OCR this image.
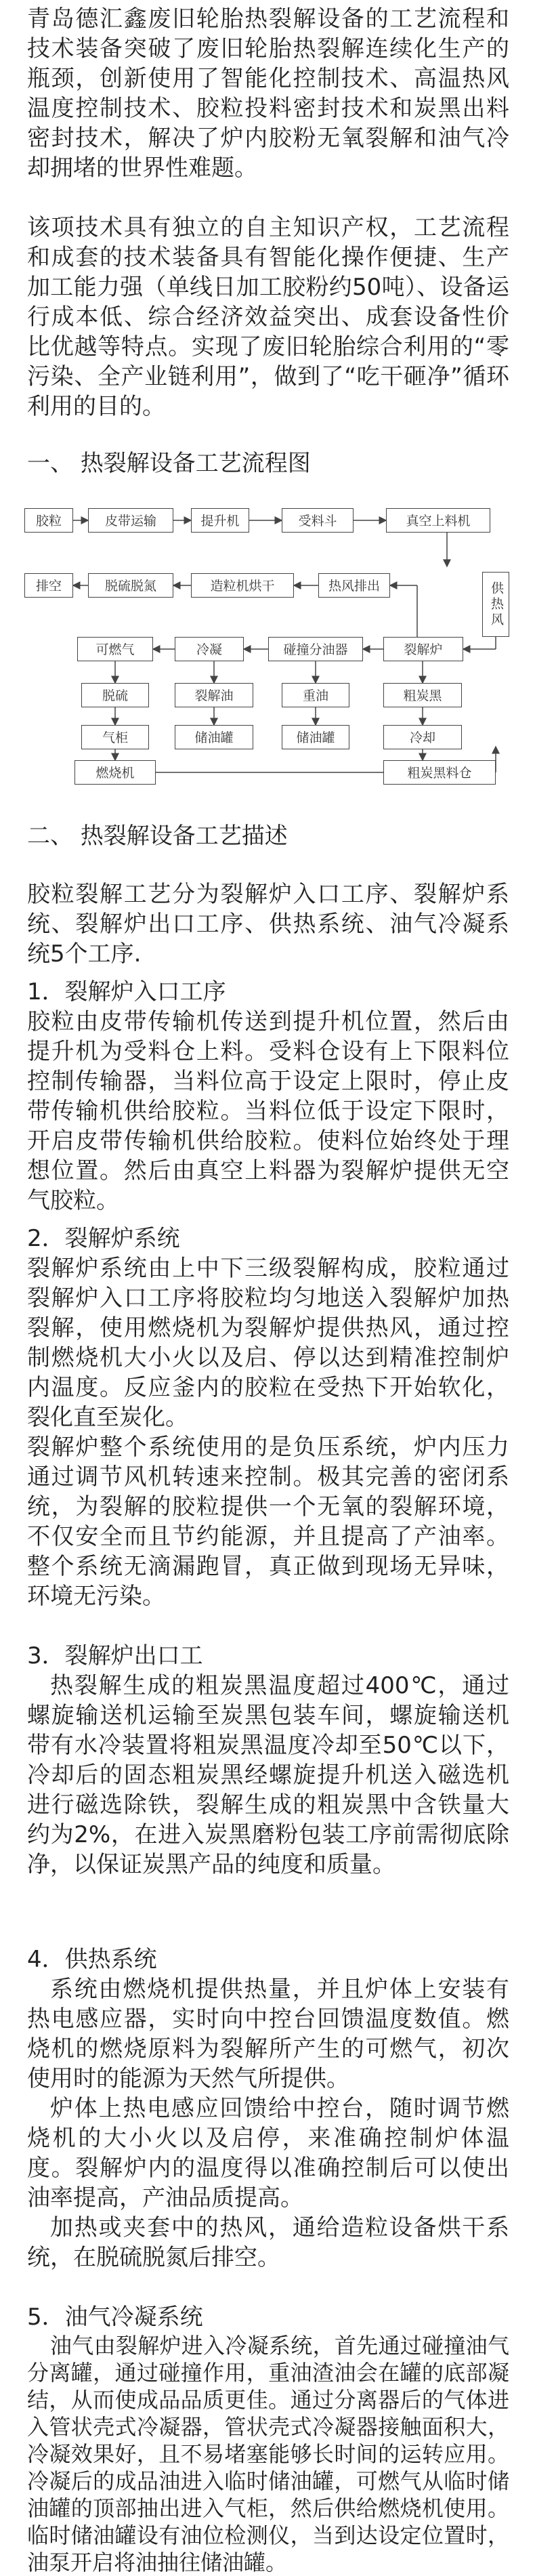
青岛德汇鑫废旧轮胎热裂解设备的工艺流程和技术装备突破了废旧轮胎热裂解连续化生产的瓶颈，创新使用了智能化控制技术、高温热风温度控制技术、胶粒投料密封技术和炭黑出料密封技术，解决了炉内胶粉无氧裂解和油气冷却拥堵的世界性难题。

该项技术具有独立的自主知识产权，工艺流程和成套的技术装备具有智能化操作便捷、生产加工能力强（单线日加工胶粉约50吨）、设备运行成本低、综合经济效益突出、成套设备性价比优越等特点。实现了废旧轮胎综合利用的“零污染、全产业链利用”，做到了“吃干砸净”循环利用的目的。

一、 热裂解设备工艺流程图
胶粒	皮带运输	提升机	受料斗	真空上料机
排空	脱硫脱氮	造粒机烘干	热风排出
可燃气	冷凝	碰撞分油器	裂解炉
供热风
脱硫	裂解油	重油	粗炭黑
气柜	储油罐	储油罐	冷却
燃烧机	粗炭黑料仓
二、 热裂解设备工艺描述

胶粒裂解工艺分为裂解炉入口工序、裂解炉系统、裂解炉出口工序、供热系统、油气冷凝系统5个工序.

1．裂解炉入口工序

胶粒由皮带传输机传送到提升机位置，然后由提升机为受料仓上料。受料仓设有上下限料位控制传输器，当料位高于设定上限时，停止皮带传输机供给胶粒。当料位低于设定下限时，开启皮带传输机供给胶粒。使料位始终处于理想位置。然后由真空上料器为裂解炉提供无空气胶粒。

2．裂解炉系统

裂解炉系统由上中下三级裂解构成，胶粒通过裂解炉入口工序将胶粒均匀地送入裂解炉加热裂解，使用燃烧机为裂解炉提供热风，通过控制燃烧机大小火以及启、停以达到精准控制炉内温度。反应釜内的胶粒在受热下开始软化，裂化直至炭化。

裂解炉整个系统使用的是负压系统，炉内压力通过调节风机转速来控制。极其完善的密闭系统，为裂解的胶粒提供一个无氧的裂解环境，不仅安全而且节约能源，并且提高了产油率。整个系统无滴漏跑冒，真正做到现场无异味，环境无污染。

3．裂解炉出口工

热裂解生成的粗炭黑温度超过400℃，通过螺旋输送机运输至炭黑包装车间，螺旋输送机带有水冷装置将粗炭黑温度冷却至50℃以下，冷却后的固态粗炭黑经螺旋提升机送入磁选机进行磁选除铁，裂解生成的粗炭黑中含铁量大约为2%，在进入炭黑磨粉包装工序前需彻底除净，以保证炭黑产品的纯度和质量。

4．供热系统

系统由燃烧机提供热量，并且炉体上安装有热电感应器，实时向中控台回馈温度数值。燃烧机的燃烧原料为裂解所产生的可燃气，初次使用时的能源为天然气所提供。

炉体上热电感应回馈给中控台，随时调节燃烧机的大小火以及启停，来准确控制炉体温度。裂解炉内的温度得以准确控制后可以使出油率提高，产油品质提高。

加热或夹套中的热风，通给造粒设备烘干系统，在脱硫脱氮后排空。

5．油气冷凝系统

油气由裂解炉进入冷凝系统，首先通过碰撞油气分离罐，通过碰撞作用，重油渣油会在罐的底部凝结，从而使成品品质更佳。通过分离器后的气体进入管状壳式冷凝器，管状壳式冷凝器接触面积大，冷凝效果好，且不易堵塞能够长时间的运转应用。冷凝后的成品油进入临时储油罐，可燃气从临时储油罐的顶部抽出进入气柜，然后供给燃烧机使用。临时储油罐设有油位检测仪，当到达设定位置时，油泵开启将油抽往储油罐。
